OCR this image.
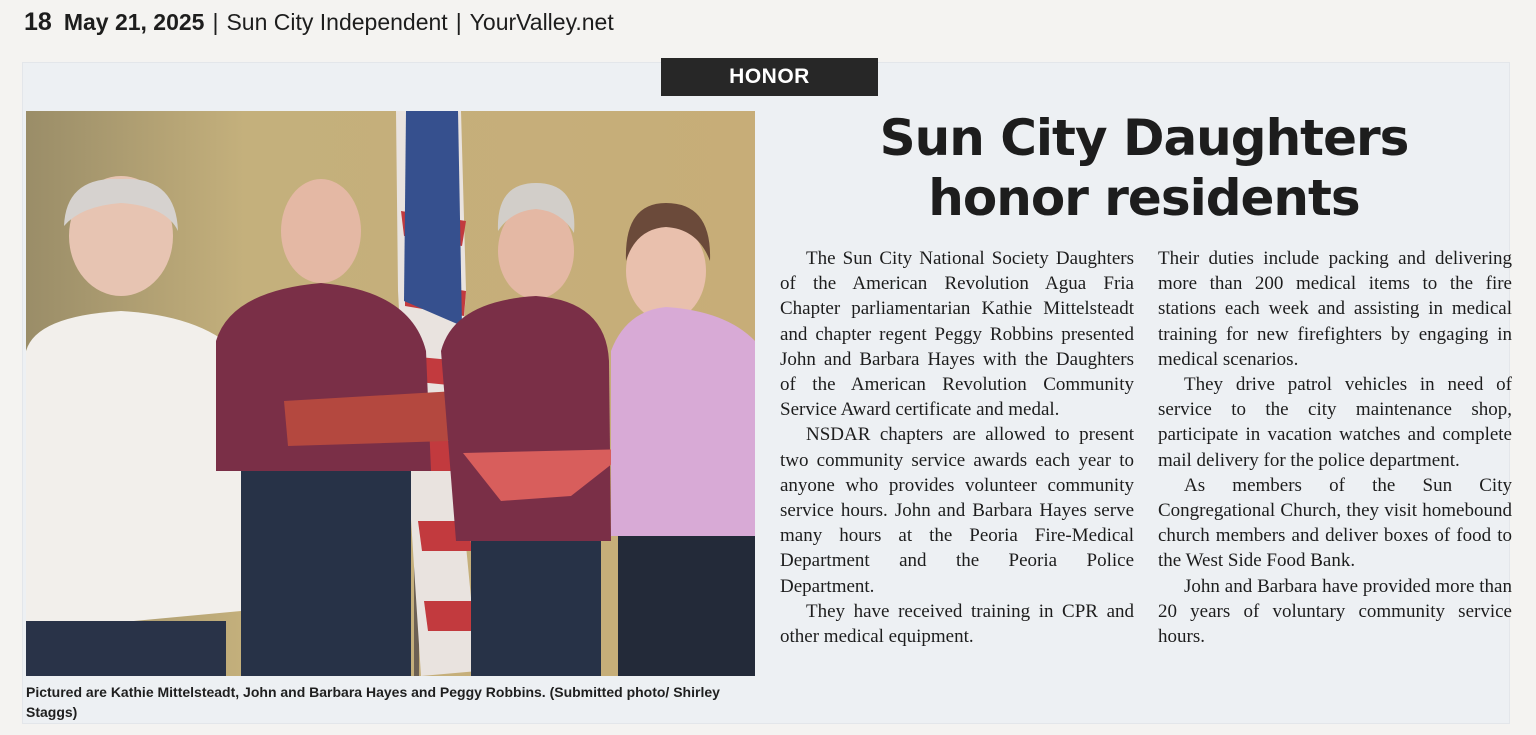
18 May 21, 2025 | Sun City Independent | YourValley.net
HONOR
Pictured are Kathie Mittelsteadt, John and Barbara Hayes and Peggy Robbins. (Submitted photo/ Shirley Staggs)
Sun City Daughters
honor residents

The Sun City National Society Daughters of the American Revolution Agua Fria Chapter parliamentarian Kathie Mittelsteadt and chapter regent Peggy Robbins presented John and Barbara Hayes with the Daughters of the American Revolution Community Service Award certificate and medal.

NSDAR chapters are allowed to present two community service awards each year to anyone who provides volunteer community service hours. John and Barbara Hayes serve many hours at the Peoria Fire-Medical Department and the Peoria Police Department.

They have received training in CPR and other medical equipment.

Their duties include packing and delivering more than 200 medical items to the fire stations each week and assisting in medical training for new firefighters by engaging in medical scenarios.

They drive patrol vehicles in need of service to the city maintenance shop, participate in vacation watches and complete mail delivery for the police department.

As members of the Sun City Congregational Church, they visit homebound church members and deliver boxes of food to the West Side Food Bank.

John and Barbara have provided more than 20 years of voluntary community service hours.
